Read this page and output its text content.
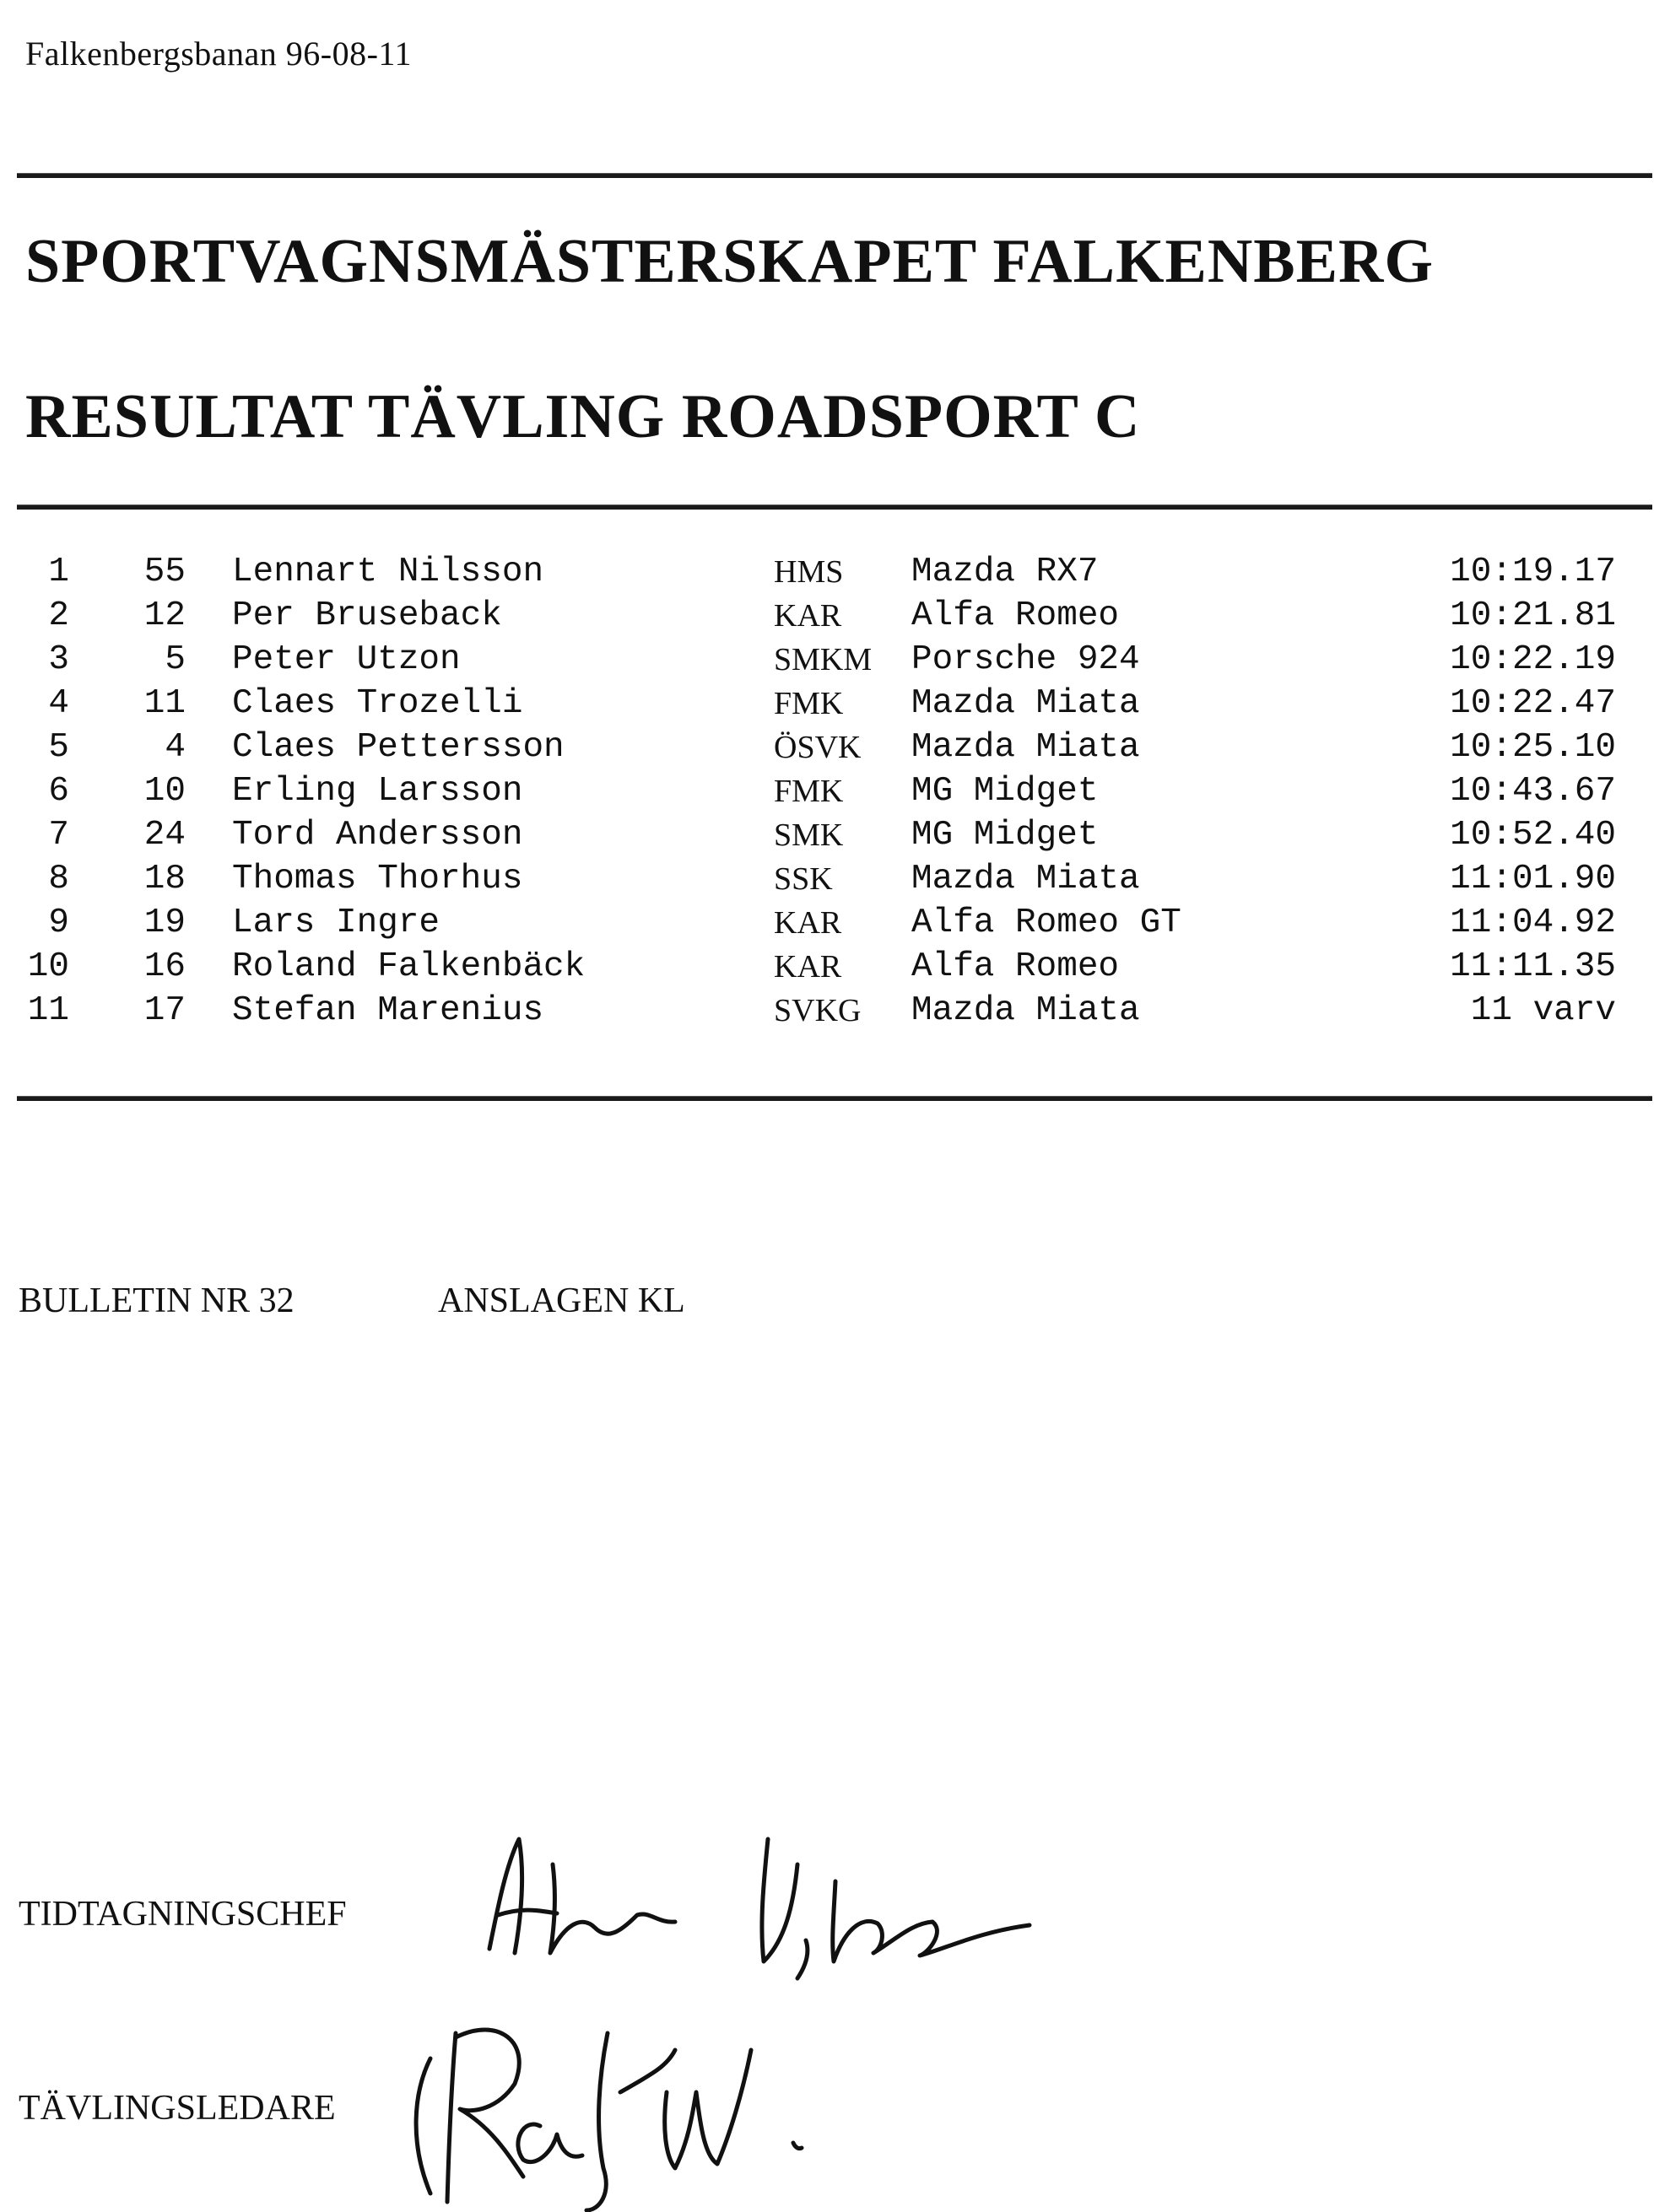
Falkenbergsbanan 96-08-11
SPORTVAGNSMÄSTERSKAPET FALKENBERG
RESULTAT TÄVLING ROADSPORT C
1	55 Lennart Nilsson	HMS Mazda RX7	10:19.17
2	12 Per Bruseback	KAR Alfa Romeo	10:21.81
3	5 Peter Utzon	SMKM Porsche 924	10:22.19
4	11 Claes Trozelli	FMK Mazda Miata	10:22.47
5	4 Claes Pettersson	ÖSVK Mazda Miata	10:25.10
6	10 Erling Larsson	FMK MG Midget	10:43.67
7	24 Tord Andersson	SMK MG Midget	10:52.40
8	18 Thomas Thorhus	SSK Mazda Miata	11:01.90
9	19 Lars Ingre	KAR Alfa Romeo GT	11:04.92
10	16 Roland Falkenbäck	KAR Alfa Romeo	11:11.35
11	17 Stefan Marenius	SVKG Mazda Miata	11 varv
BULLETIN NR 32	ANSLAGEN KL
TIDTAGNINGSCHEF
TÄVLINGSLEDARE
